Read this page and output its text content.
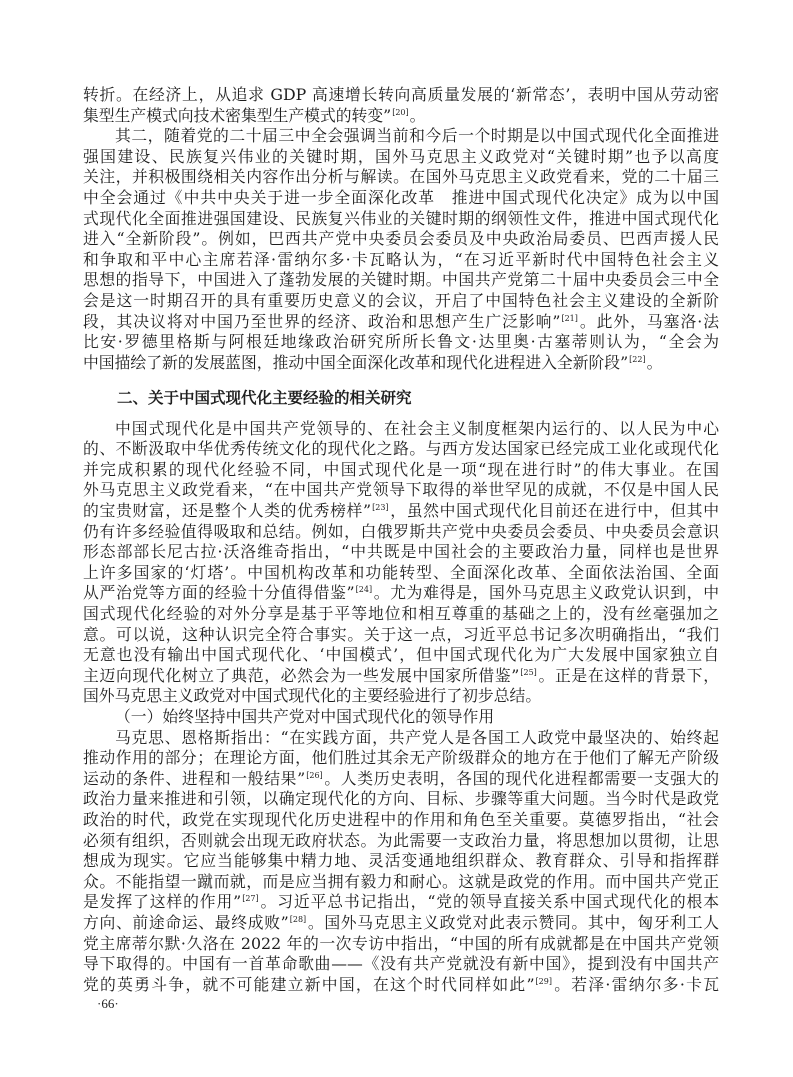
转折。在经济上，从追求 GDP 高速增长转向高质量发展的‘新常态’，表明中国从劳动密
集型生产模式向技术密集型生产模式的转变”[20]。
其二，随着党的二十届三中全会强调当前和今后一个时期是以中国式现代化全面推进
强国建设、民族复兴伟业的关键时期，国外马克思主义政党对“关键时期”也予以高度
关注，并积极围绕相关内容作出分析与解读。在国外马克思主义政党看来，党的二十届三
中全会通过《中共中央关于进一步全面深化改革　推进中国式现代化决定》成为以中国
式现代化全面推进强国建设、民族复兴伟业的关键时期的纲领性文件，推进中国式现代化
进入“全新阶段”。例如，巴西共产党中央委员会委员及中央政治局委员、巴西声援人民
和争取和平中心主席若泽·雷纳尔多·卡瓦略认为，“在习近平新时代中国特色社会主义
思想的指导下，中国进入了蓬勃发展的关键时期。中国共产党第二十届中央委员会三中全
会是这一时期召开的具有重要历史意义的会议，开启了中国特色社会主义建设的全新阶
段，其决议将对中国乃至世界的经济、政治和思想产生广泛影响”[21]。此外，马塞洛·法
比安·罗德里格斯与阿根廷地缘政治研究所所长鲁文·达里奥·古塞蒂则认为，“全会为
中国描绘了新的发展蓝图，推动中国全面深化改革和现代化进程进入全新阶段”[22]。
二、关于中国式现代化主要经验的相关研究
中国式现代化是中国共产党领导的、在社会主义制度框架内运行的、以人民为中心
的、不断汲取中华优秀传统文化的现代化之路。与西方发达国家已经完成工业化或现代化
并完成积累的现代化经验不同，中国式现代化是一项“现在进行时”的伟大事业。在国
外马克思主义政党看来，“在中国共产党领导下取得的举世罕见的成就，不仅是中国人民
的宝贵财富，还是整个人类的优秀榜样”[23]，虽然中国式现代化目前还在进行中，但其中
仍有许多经验值得吸取和总结。例如，白俄罗斯共产党中央委员会委员、中央委员会意识
形态部部长尼古拉·沃洛维奇指出，“中共既是中国社会的主要政治力量，同样也是世界
上许多国家的‘灯塔’。中国机构改革和功能转型、全面深化改革、全面依法治国、全面
从严治党等方面的经验十分值得借鉴”[24]。尤为难得是，国外马克思主义政党认识到，中
国式现代化经验的对外分享是基于平等地位和相互尊重的基础之上的，没有丝毫强加之
意。可以说，这种认识完全符合事实。关于这一点，习近平总书记多次明确指出，“我们
无意也没有输出中国式现代化、‘中国模式’，但中国式现代化为广大发展中国家独立自
主迈向现代化树立了典范，必然会为一些发展中国家所借鉴”[25]。正是在这样的背景下，
国外马克思主义政党对中国式现代化的主要经验进行了初步总结。
（一）始终坚持中国共产党对中国式现代化的领导作用
马克思、恩格斯指出：“在实践方面，共产党人是各国工人政党中最坚决的、始终起
推动作用的部分；在理论方面，他们胜过其余无产阶级群众的地方在于他们了解无产阶级
运动的条件、进程和一般结果”[26]。人类历史表明，各国的现代化进程都需要一支强大的
政治力量来推进和引领，以确定现代化的方向、目标、步骤等重大问题。当今时代是政党
政治的时代，政党在实现现代化历史进程中的作用和角色至关重要。莫德罗指出，“社会
必须有组织，否则就会出现无政府状态。为此需要一支政治力量，将思想加以贯彻，让思
想成为现实。它应当能够集中精力地、灵活变通地组织群众、教育群众、引导和指挥群
众。不能指望一蹴而就，而是应当拥有毅力和耐心。这就是政党的作用。而中国共产党正
是发挥了这样的作用”[27]。习近平总书记指出，“党的领导直接关系中国式现代化的根本
方向、前途命运、最终成败”[28]。国外马克思主义政党对此表示赞同。其中，匈牙利工人
党主席蒂尔默·久洛在 2022 年的一次专访中指出，“中国的所有成就都是在中国共产党领
导下取得的。中国有一首革命歌曲——《没有共产党就没有新中国》，提到没有中国共产
党的英勇斗争，就不可能建立新中国，在这个时代同样如此”[29]。若泽·雷纳尔多·卡瓦
·66·
